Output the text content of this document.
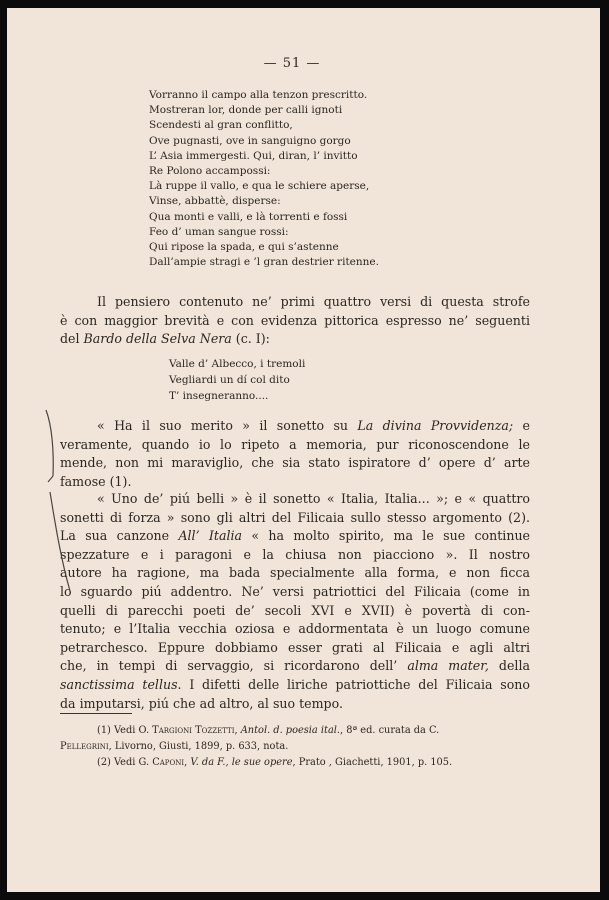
— 51 —
Vorranno il campo alla tenzon prescritto.
Mostreran lor, donde per calli ignoti
Scendesti al gran conflitto,
Ove pugnasti, ove in sanguigno gorgo
L’ Asia immergesti. Qui, diran, l’ invitto
Re Polono accampossi:
Là ruppe il vallo, e qua le schiere aperse,
Vinse, abbattè, disperse:
Qua monti e valli, e là torrenti e fossi
Feo d’ uman sangue rossi:
Qui ripose la spada, e qui s’astenne
Dall’ampie stragi e ’l gran destrier ritenne.
Il pensiero contenuto ne’ primi quattro versi di questa strofe
è con maggior brevità e con evidenza pittorica espresso ne’ seguenti
del Bardo della Selva Nera (c. I):
Valle d’ Albecco, i tremoli
Vegliardi un dí col dito
T’ insegneranno....
« Ha il suo merito » il sonetto su La divina Provvidenza; e
veramente, quando io lo ripeto a memoria, pur riconoscendone le
mende, non mi maraviglio, che sia stato ispiratore d’ opere d’ arte
famose (1).
« Uno de’ piú belli » è il sonetto « Italia, Italia... »; e « quattro
sonetti di forza » sono gli altri del Filicaia sullo stesso argomento (2).
La sua canzone All’ Italia « ha molto spirito, ma le sue continue
spezzature e i paragoni e la chiusa non piacciono ». Il nostro
autore ha ragione, ma bada specialmente alla forma, e non ficca
lo sguardo piú addentro. Ne’ versi patriottici del Filicaia (come in
quelli di parecchi poeti de’ secoli XVI e XVII) è povertà di con-
tenuto; e l’Italia vecchia oziosa e addormentata è un luogo comune
petrarchesco. Eppure dobbiamo esser grati al Filicaia e agli altri
che, in tempi di servaggio, si ricordarono dell’ alma mater, della
sanctissima tellus. I difetti delle liriche patriottiche del Filicaia sono
da imputarsi, piú che ad altro, al suo tempo.
(1) Vedi O. Targioni Tozzetti, Antol. d. poesia ital., 8ª ed. curata da C.
Pellegrini, Livorno, Giusti, 1899, p. 633, nota.
(2) Vedi G. Caponi, V. da F., le sue opere, Prato , Giachetti, 1901, p. 105.
